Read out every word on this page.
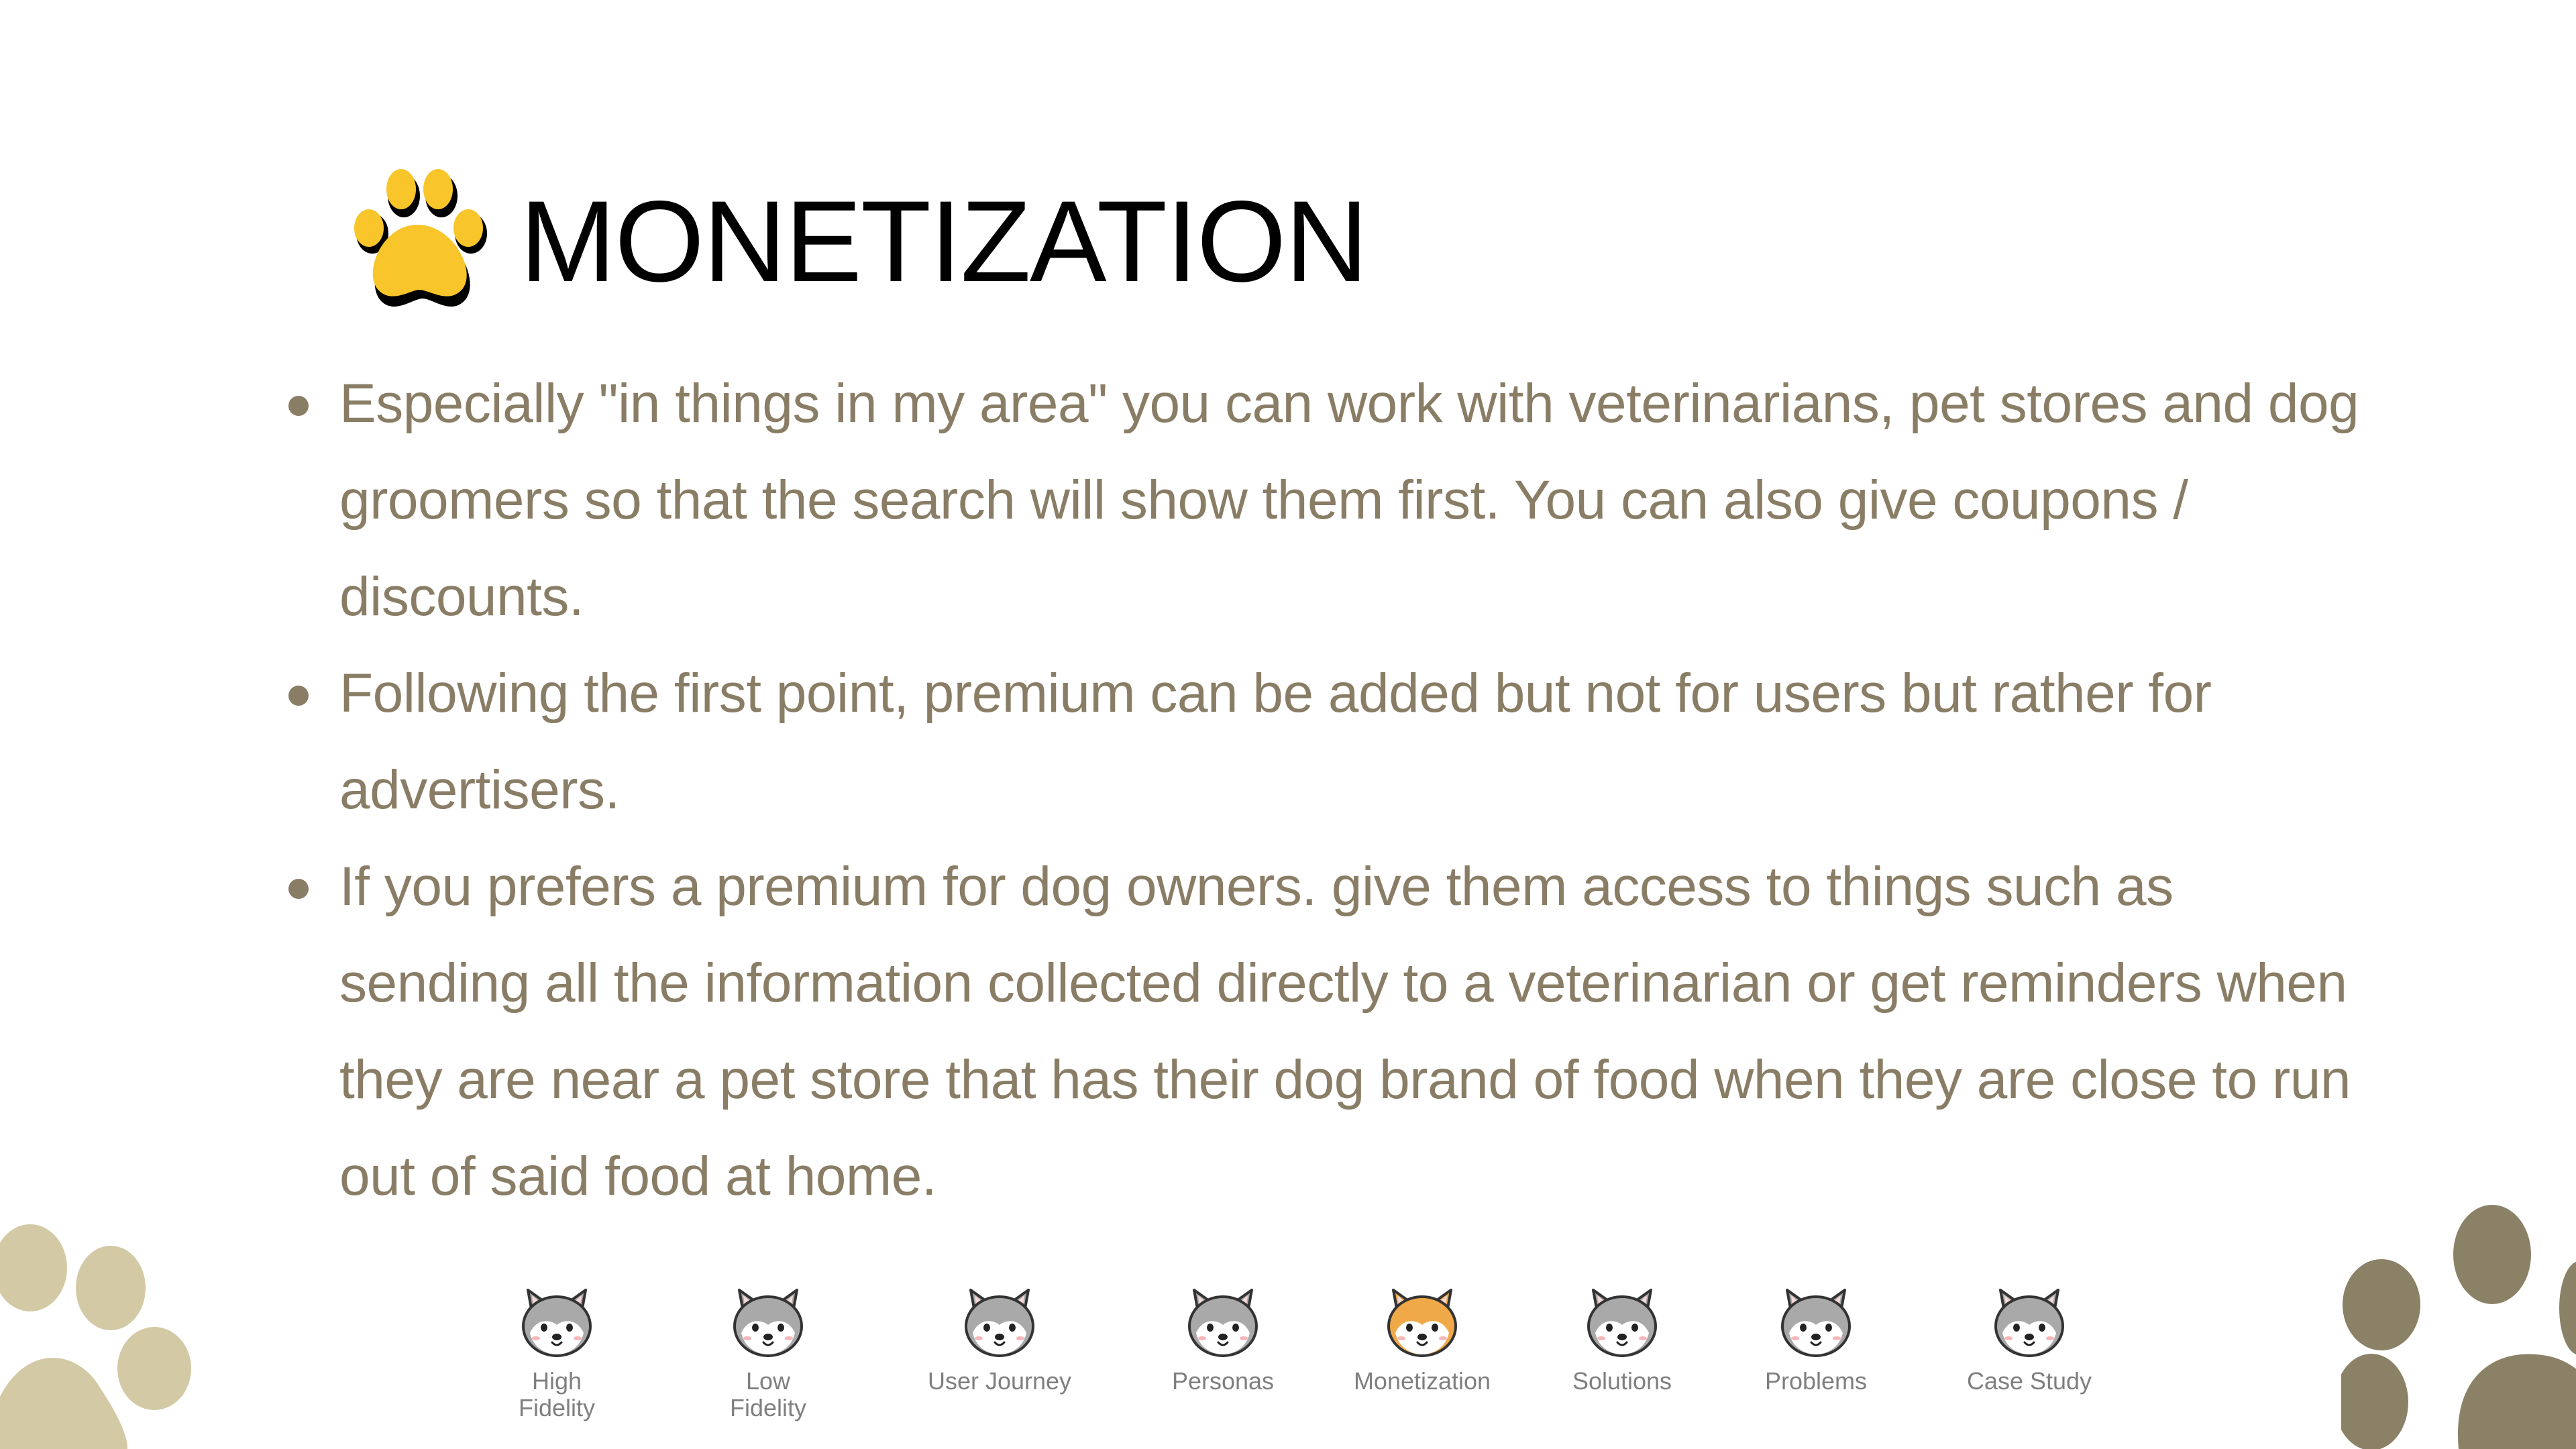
MONETIZATION
Especially "in things in my area" you can work with veterinarians, pet stores and dog groomers so that the search will show them first. You can also give coupons / discounts.
Following the first point, premium can be added but not for users but rather for advertisers.
If you prefers a premium for dog owners. give them access to things such as sending all the information collected directly to a veterinarian or get reminders when they are near a pet store that has their dog brand of food when they are close to run out of said food at home.
High Fidelity
Low Fidelity
User Journey	Personas	Monetization	Solutions	Problems	Case Study
